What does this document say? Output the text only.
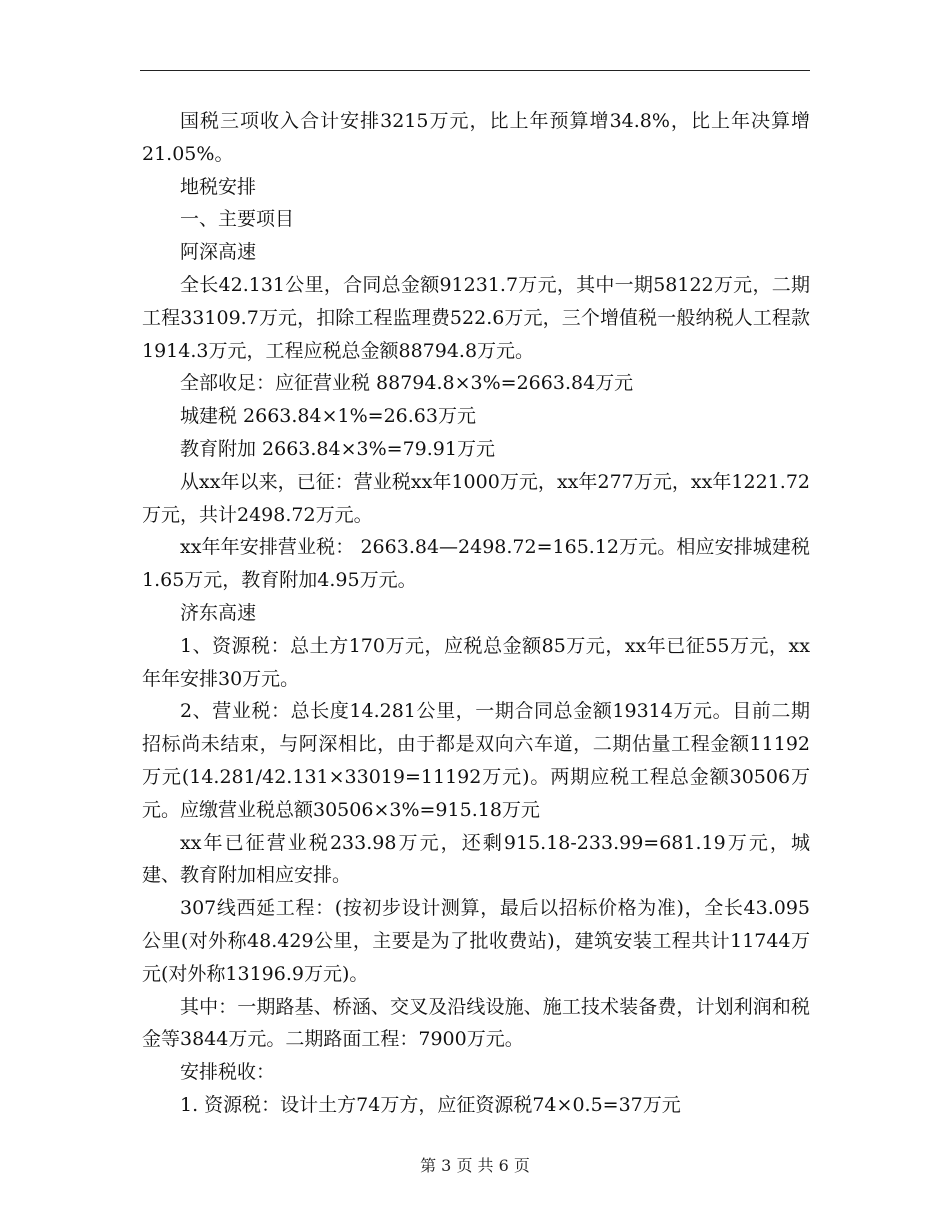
国税三项收入合计安排3215万元，比上年预算增34.8%，比上年决算增21.05%。

地税安排

一、主要项目

阿深高速

全长42.131公里，合同总金额91231.7万元，其中一期58122万元，二期工程33109.7万元，扣除工程监理费522.6万元，三个增值税一般纳税人工程款1914.3万元，工程应税总金额88794.8万元。

全部收足：应征营业税 88794.8×3%=2663.84万元

城建税 2663.84×1%=26.63万元

教育附加 2663.84×3%=79.91万元

从xx年以来，已征：营业税xx年1000万元，xx年277万元，xx年1221.72万元，共计2498.72万元。

xx年年安排营业税： 2663.84—2498.72=165.12万元。相应安排城建税1.65万元，教育附加4.95万元。

济东高速

1、资源税：总土方170万元，应税总金额85万元，xx年已征55万元，xx年年安排30万元。

2、营业税：总长度14.281公里，一期合同总金额19314万元。目前二期招标尚未结束，与阿深相比，由于都是双向六车道，二期估量工程金额11192万元(14.281/42.131×33019=11192万元)。两期应税工程总金额30506万元。应缴营业税总额30506×3%=915.18万元

xx年已征营业税233.98万元，还剩915.18-233.99=681.19万元，城建、教育附加相应安排。

307线西延工程：(按初步设计测算，最后以招标价格为准)，全长43.095公里(对外称48.429公里，主要是为了批收费站)，建筑安装工程共计11744万元(对外称13196.9万元)。

其中：一期路基、桥涵、交叉及沿线设施、施工技术装备费，计划利润和税金等3844万元。二期路面工程：7900万元。

安排税收：

1. 资源税：设计土方74万方，应征资源税74×0.5=37万元

第 3 页 共 6 页
